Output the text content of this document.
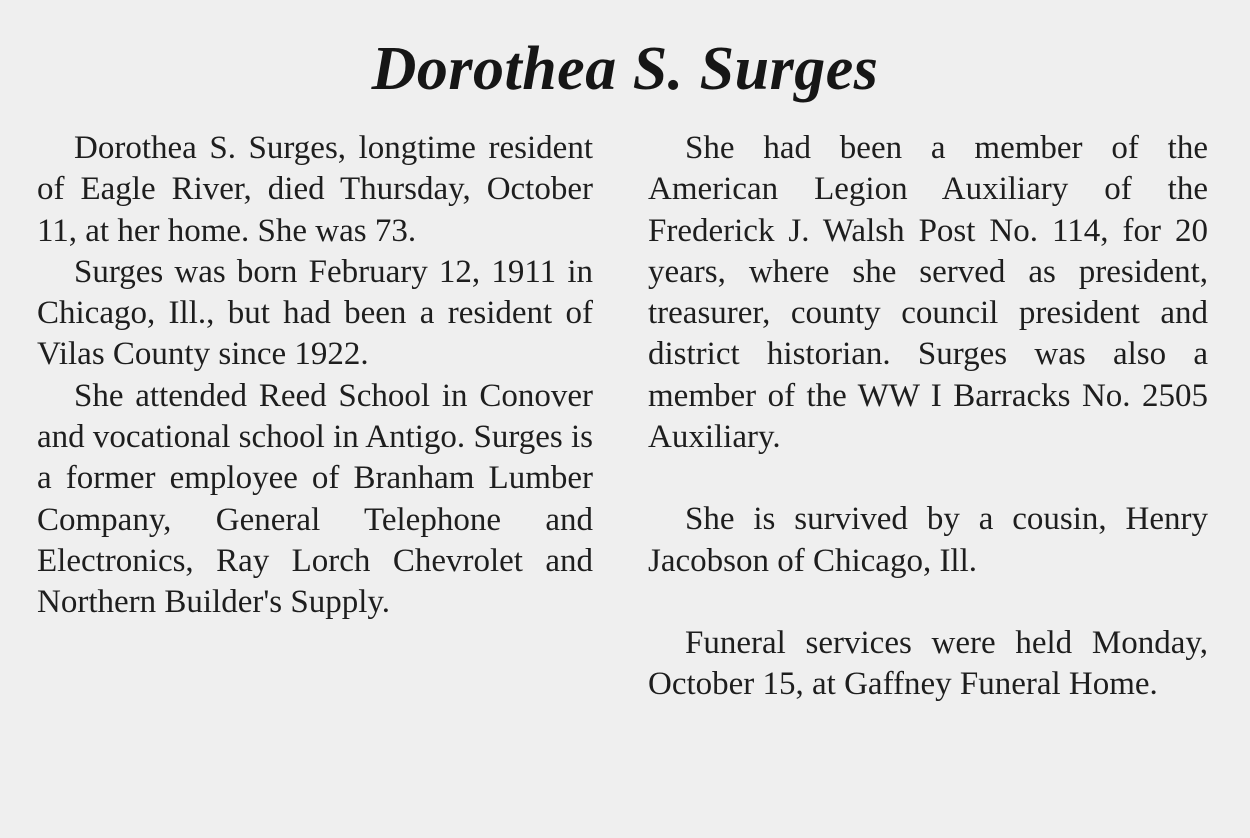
Dorothea S. Surges

Dorothea S. Surges, longtime resident of Eagle River, died Thursday, October 11, at her home. She was 73.

Surges was born February 12, 1911 in Chicago, Ill., but had been a resident of Vilas County since 1922.

She attended Reed School in Conover and vocational school in Antigo. Surges is a former employee of Branham Lumber Company, General Telephone and Electronics, Ray Lorch Chevrolet and Northern Builder's Supply.

She had been a member of the American Legion Auxiliary of the Frederick J. Walsh Post No. 114, for 20 years, where she served as president, treasurer, county council president and district historian. Surges was also a member of the WW I Barracks No. 2505 Auxiliary.

She is survived by a cousin, Henry Jacobson of Chicago, Ill.

Funeral services were held Monday, October 15, at Gaffney Funeral Home.
